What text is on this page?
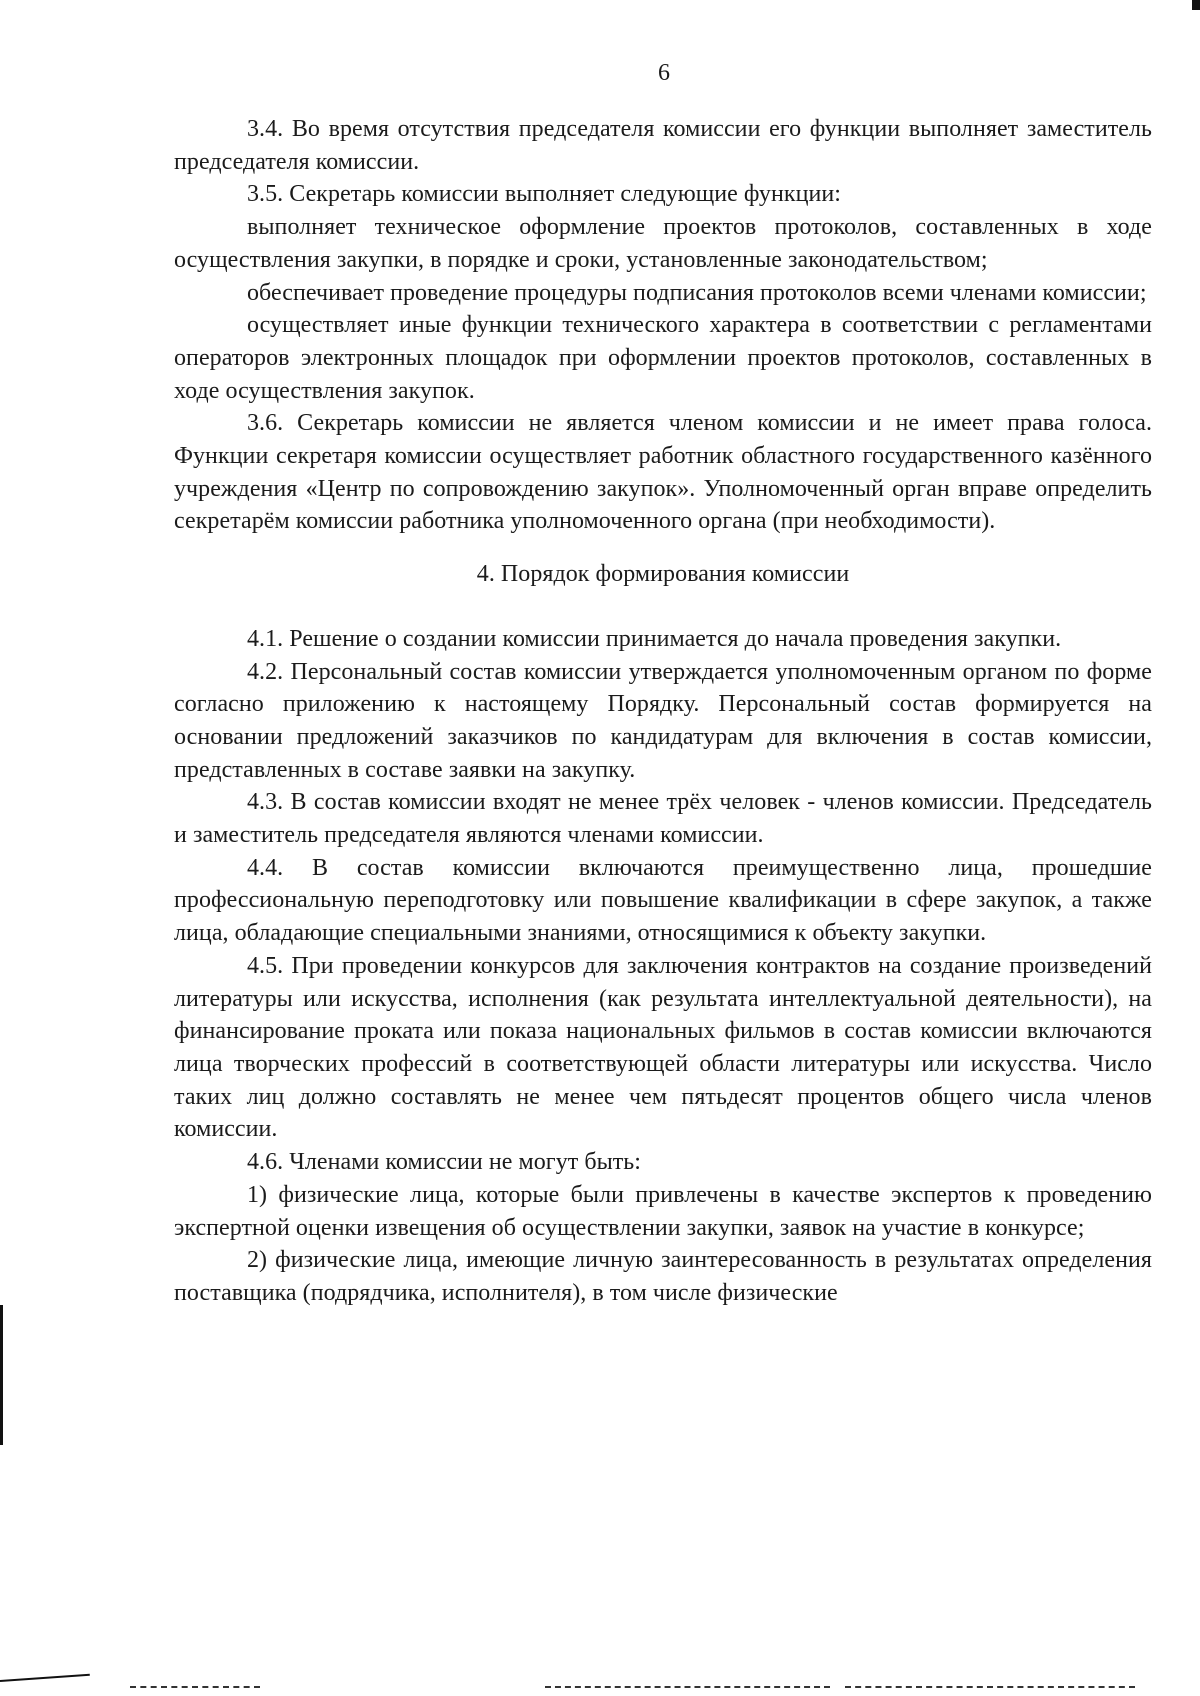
6

3.4. Во время отсутствия председателя комиссии его функции выполняет заместитель председателя комиссии.

3.5. Секретарь комиссии выполняет следующие функции:

выполняет техническое оформление проектов протоколов, составленных в ходе осуществления закупки, в порядке и сроки, установленные законодательством;

обеспечивает проведение процедуры подписания протоколов всеми членами комиссии;

осуществляет иные функции технического характера в соответствии с регламентами операторов электронных площадок при оформлении проектов протоколов, составленных в ходе осуществления закупок.

3.6. Секретарь комиссии не является членом комиссии и не имеет права голоса. Функции секретаря комиссии осуществляет работник областного государственного казённого учреждения «Центр по сопровождению закупок». Уполномоченный орган вправе определить секретарём комиссии работника уполномоченного органа (при необходимости).

4. Порядок формирования комиссии

4.1. Решение о создании комиссии принимается до начала проведения закупки.

4.2. Персональный состав комиссии утверждается уполномоченным органом по форме согласно приложению к настоящему Порядку. Персональный состав формируется на основании предложений заказчиков по кандидатурам для включения в состав комиссии, представленных в составе заявки на закупку.

4.3. В состав комиссии входят не менее трёх человек - членов комиссии. Председатель и заместитель председателя являются членами комиссии.

4.4. В состав комиссии включаются преимущественно лица, прошедшие профессиональную переподготовку или повышение квалификации в сфере закупок, а также лица, обладающие специальными знаниями, относящимися к объекту закупки.

4.5. При проведении конкурсов для заключения контрактов на создание произведений литературы или искусства, исполнения (как результата интеллектуальной деятельности), на финансирование проката или показа национальных фильмов в состав комиссии включаются лица творческих профессий в соответствующей области литературы или искусства. Число таких лиц должно составлять не менее чем пятьдесят процентов общего числа членов комиссии.

4.6. Членами комиссии не могут быть:

1) физические лица, которые были привлечены в качестве экспертов к проведению экспертной оценки извещения об осуществлении закупки, заявок на участие в конкурсе;

2) физические лица, имеющие личную заинтересованность в результатах определения поставщика (подрядчика, исполнителя), в том числе физические
